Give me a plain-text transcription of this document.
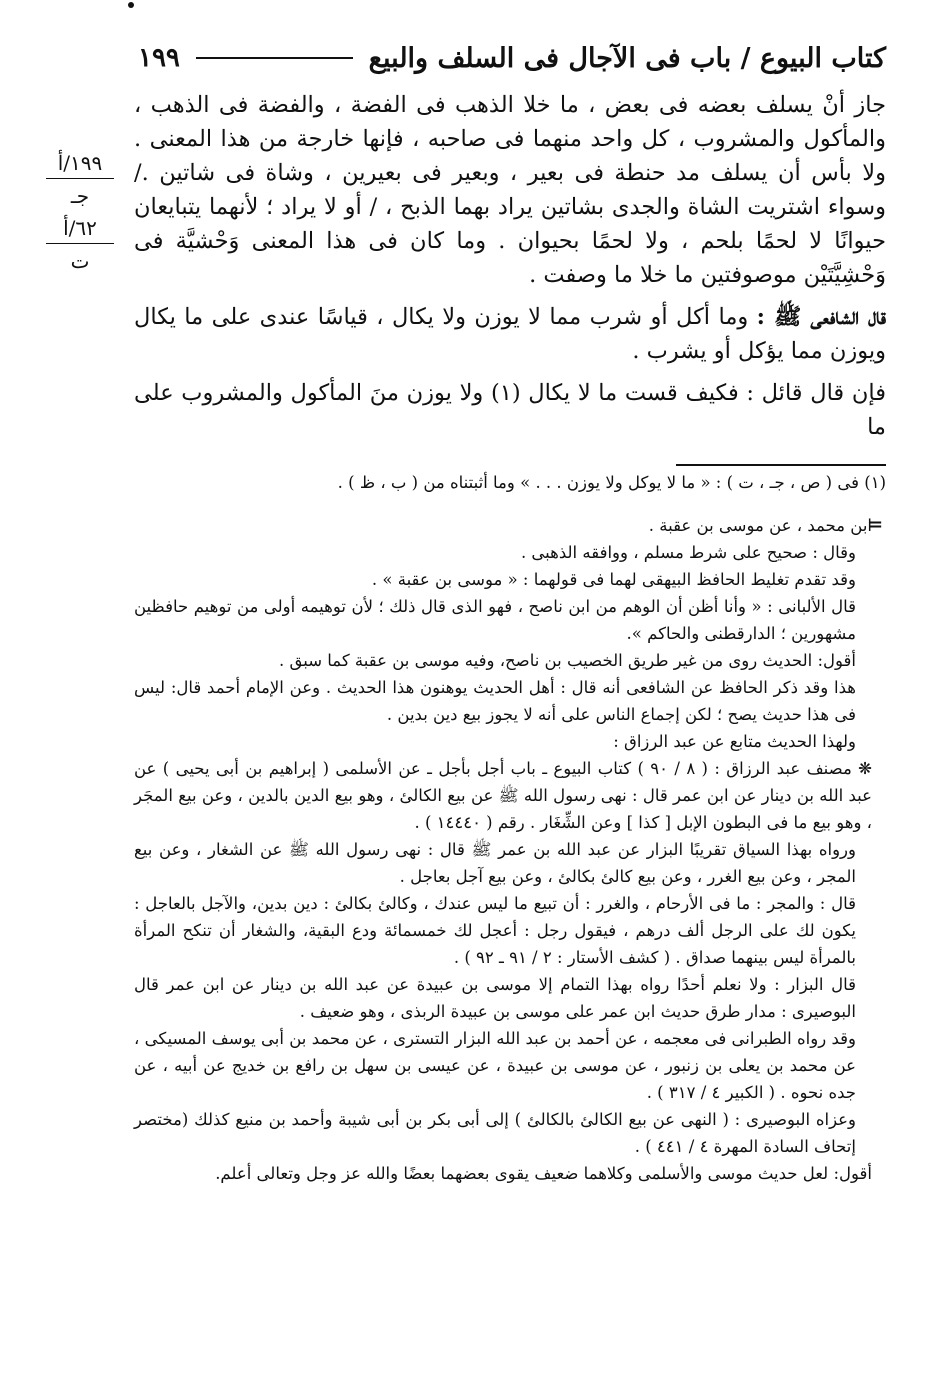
كتاب البيوع / باب فى الآجال فى السلف والبيع
١٩٩
١٩٩/أ
جـ
٦٢/أ
ت

جاز أنْ يسلف بعضه فى بعض ، ما خلا الذهب فى الفضة ، والفضة فى الذهب ، والمأكول والمشروب ، كل واحد منهما فى صاحبه ، فإنها خارجة من هذا المعنى . ولا بأس أن يسلف مد حنطة فى بعير ، وبعير فى بعيرين ، وشاة فى شاتين ./ وسواء اشتريت الشاة والجدى بشاتين يراد بهما الذبح ، / أو لا يراد ؛ لأنهما يتبايعان حيوانًا لا لحمًا بلحم ، ولا لحمًا بحيوان . وما كان فى هذا المعنى وَحْشيَّة فى وَحْشِيَّتَيْن موصوفتين ما خلا ما وصفت .

قال الشافعى ﷺ : وما أكل أو شرب مما لا يوزن ولا يكال ، قياسًا عندى على ما يكال ويوزن مما يؤكل أو يشرب .

فإن قال قائل : فكيف قست ما لا يكال (١) ولا يوزن منَ المأكول والمشروب على ما

(١) فى ( ص ، جـ ، ت ) : « ما لا يوكل ولا يوزن . . . » وما أثبتناه من ( ب ، ظ ) .
=

ابن محمد ، عن موسى بن عقبة .

وقال : صحيح على شرط مسلم ، ووافقه الذهبى .

وقد تقدم تغليط الحافظ البيهقى لهما فى قولهما : « موسى بن عقبة » .

قال الألبانى : « وأنا أظن أن الوهم من ابن ناصح ، فهو الذى قال ذلك ؛ لأن توهيمه أولى من توهيم حافظين مشهورين ؛ الدارقطنى والحاكم ».

أقول: الحديث روى من غير طريق الخصيب بن ناصح، وفيه موسى بن عقبة كما سبق .

هذا وقد ذكر الحافظ عن الشافعى أنه قال : أهل الحديث يوهنون هذا الحديث . وعن الإمام أحمد قال: ليس فى هذا حديث يصح ؛ لكن إجماع الناس على أنه لا يجوز بيع دين بدين .

ولهذا الحديث متابع عن عبد الرزاق :

❋ مصنف عبد الرزاق : ( ٨ / ٩٠ ) كتاب البيوع ـ باب أجل بأجل ـ عن الأسلمى ( إبراهيم بن أبى يحيى ) عن عبد الله بن دينار عن ابن عمر قال : نهى رسول الله ﷺ عن بيع الكالئ ، وهو بيع الدين بالدين ، وعن بيع المجَر ، وهو بيع ما فى البطون الإبل [ كذا ] وعن الشِّغَار . رقم ( ١٤٤٤٠ ) .

ورواه بهذا السياق تقريبًا البزار عن عبد الله بن عمر ﷺ قال : نهى رسول الله ﷺ عن الشغار ، وعن بيع المجر ، وعن بيع الغرر ، وعن بيع كالئ بكالئ ، وعن بيع آجل بعاجل .

قال : والمجر : ما فى الأرحام ، والغرر : أن تبيع ما ليس عندك ، وكالئ بكالئ : دين بدين، والآجل بالعاجل : يكون لك على الرجل ألف درهم ، فيقول رجل : أعجل لك خمسمائة ودع البقية، والشغار أن تنكح المرأة بالمرأة ليس بينهما صداق . ( كشف الأستار : ٢ / ٩١ ـ ٩٢ ) .

قال البزار : ولا نعلم أحدًا رواه بهذا التمام إلا موسى بن عبيدة عن عبد الله بن دينار عن ابن عمر قال البوصيرى : مدار طرق حديث ابن عمر على موسى بن عبيدة الربذى ، وهو ضعيف .

وقد رواه الطبرانى فى معجمه ، عن أحمد بن عبد الله البزار التسترى ، عن محمد بن أبى يوسف المسيكى ، عن محمد بن يعلى بن زنبور ، عن موسى بن عبيدة ، عن عيسى بن سهل بن رافع بن خديج عن أبيه ، عن جده نحوه . ( الكبير ٤ / ٣١٧ ) .

وعزاه البوصيرى : ( النهى عن بيع الكالئ بالكالئ ) إلى أبى بكر بن أبى شيبة وأحمد بن منيع كذلك (مختصر إتحاف السادة المهرة ٤ / ٤٤١ ) .

أقول: لعل حديث موسى والأسلمى وكلاهما ضعيف يقوى بعضهما بعضًا والله عز وجل وتعالى أعلم.
